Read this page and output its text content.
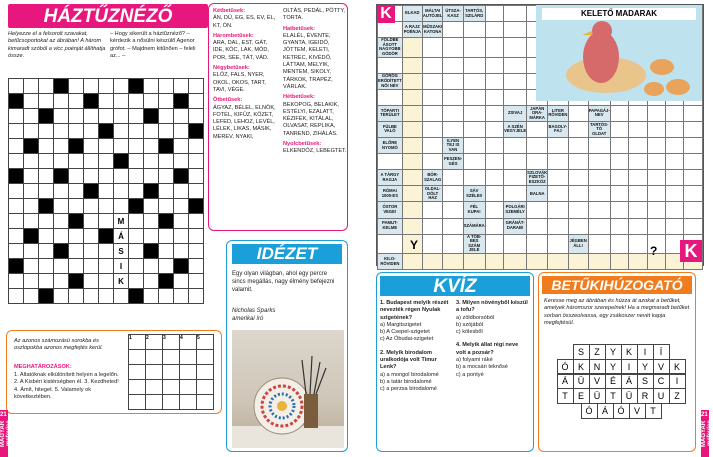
HÁZTŰZNÉZŐ
Helyezze el a felsorolt szavakat, betűcsoportokat az ábrában! A három kimaradt szóból a vicc poénját állíthatja össze.
– Hogy sikerült a háztűznéző? – kérdezik a nősülni készülő Agenor grófot. – Majdnem kitűnően – feleli az... –
Kétbetűsek:
ÁN, DŰ, EG, ES, EV, ÉL, KT, ÓN.
Hárombetűsek:
ARA, DAL, EST, GÁT, IDE, KÖC, LAK, MÓD, POR, SÉE, TÁT, VÁD.
Négybetűsek:
ELŐZ, FALS, NYER, OKOL, OKOS, TART, TAVI, VÉGE.
Ötbetűsek:
ÁGYAZ, BÉLEL, ELNÖK, FOTEL, KIFŰZ, KŐZET, LEFED, LEHOZ, LEVÉL, LÉLEK, LIKAS, MÁSIK, MEREV, NYAKI,
OLTÁS, PEDÁL, PÖTTY, TORTA.
Hatbetűsek:
ELALÉL, ÉVENTE, GYANTA, IGEIDŐ, JÖTTEM, KELETI, KETREC, KIVÉDŐ, LÁTTAM, MELYIK, MENTEM, SIKOLY, TÁRKOK, TRAPÉZ, VÁRLAK.
Hétbetűsek:
BEKOPOG, BELAKIK, ESTÉLYI, EZALATT, KÉZIFÉK, KITÁLAL, OLVASAT, REPLIKA, TANREND, ZIHÁLÁS.
Nyolcbetűsek:
ELKENDŐZ, LEBEGTET.

							M					
							Á					
							S					
							I					
							K					

Az azonos számozású sorokba és oszlopokba azonos megfejtés kerül.
MEGHATÁROZÁSOK:
1. Altatóknak elkülönített helyen a legelőn. 2. A Kisbéri kistérségben él. 3. Kezdheted! 4. Ámít, hiteget. 5. Valamely ok következtében.
1	2	3	4	5

MAGYAR mefevice
21
IDÉZET
Egy olyan világban, ahol egy percre sincs megállás, nagy élmény befejezni valamit.
Nicholas Sparks
amerikai író
	ELKAD	MÁLTAI AUTÓJEL	ÜTSZA- KASZ	TARTÓS, SZILÁRD											
	A RAJZ POÉNJA	MŰSZAKI KATONA													
FÖLDBE ÁSOTT NAGYOBB GÖDÖR															

GÖRÖG ERŐDÍTETT NŐI NÉV															

TÖPARTI TERÜLET						ZSIVAJ	JAPÁN ORA- MÁRKA	LITER RÖVIDEN		PAPAGÁJ- NEV					
FÜLBE VALÓ						A SZÉN VEGYJELE		BAGOLY- FAJ		TARTÓS- TÓ OLDAT					
ELŐRE NYOMÓ			ILYEN TEJ IS VAN												
			FESZEN- GÉS												
A TÁRGY RAGJA		BÓR- SZALAG					SZLOVÁK FIZETŐ- ESZKÖZ								
RÓMAI 1000-ES		OLDAL- DÓLT HAZ		SÁV SZÉLEI!			BALNA								
ÓSTOR VEGE!				FÉL KUPA!		POLGÁRI SZEMÉLY									
PAMUT- KELME				SZÁMÁRA		GRÁNÁT- DARAB!									
				A TÖB- BES SZÁM JELE					JÉGBEN ÁLL!						
KILO- RÖVIDEN															
K
K
KELETŐ MADARAK
Y	?
KVÍZ
1. Budapest melyik részét nevezték régen Nyulak szigetének?
a) Margitszigetet
b) A Csepel-szigetet
c) Az Óbudai-szigetet
2. Melyik birodalom uralkodója volt Timur Lenk?
a) a mongol birodalomé
b) a tatár birodalomé
c) a perzsa birodalomé
3. Milyen növényből készül a tofu?
a) zöldborsóból
b) szójából
c) kölesből
4. Melyik állat régi neve volt a pozsár?
a) folyami ráké
b) a mocsári teknősé
c) a pontyé
BETŰKIHÚZOGATÓ
Keresse meg az ábrában és húzza át azokat a betűket, amelyek háromszor szerepelnek! Ha a megmaradt betűket sorban összeolvassa, egy zsákoszer nevét kapja megfejtésül.
S	Z	Y	K	I	Í
Ó	K	N	Y	I	Y	V	K
Á	Ü	V	É	Á	S	C	I
T	E	Ü	T	Ü	R	U	Z
Ó	Á	Ó	V	T
MAGYAR mefevice
21
